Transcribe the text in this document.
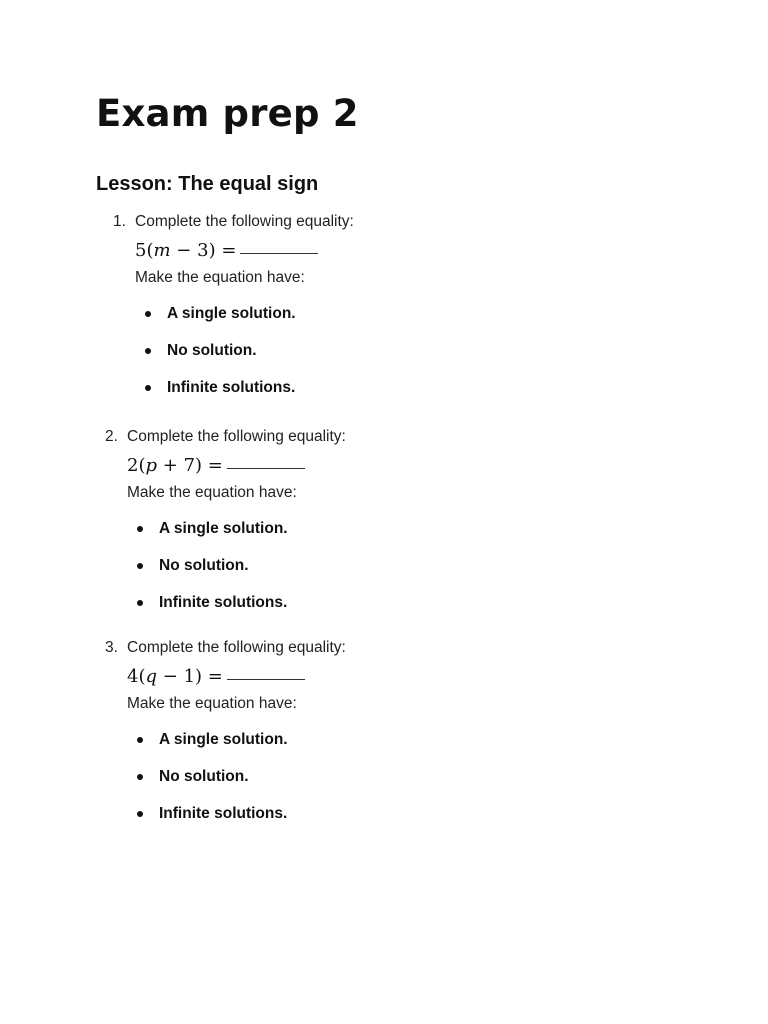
Exam prep 2
Lesson: The equal sign
1. Complete the following equality:
5(m − 3) =
Make the equation have:
A single solution.
No solution.
Infinite solutions.
2. Complete the following equality:
2(p + 7) =
Make the equation have:
A single solution.
No solution.
Infinite solutions.
3. Complete the following equality:
4(q − 1) =
Make the equation have:
A single solution.
No solution.
Infinite solutions.
